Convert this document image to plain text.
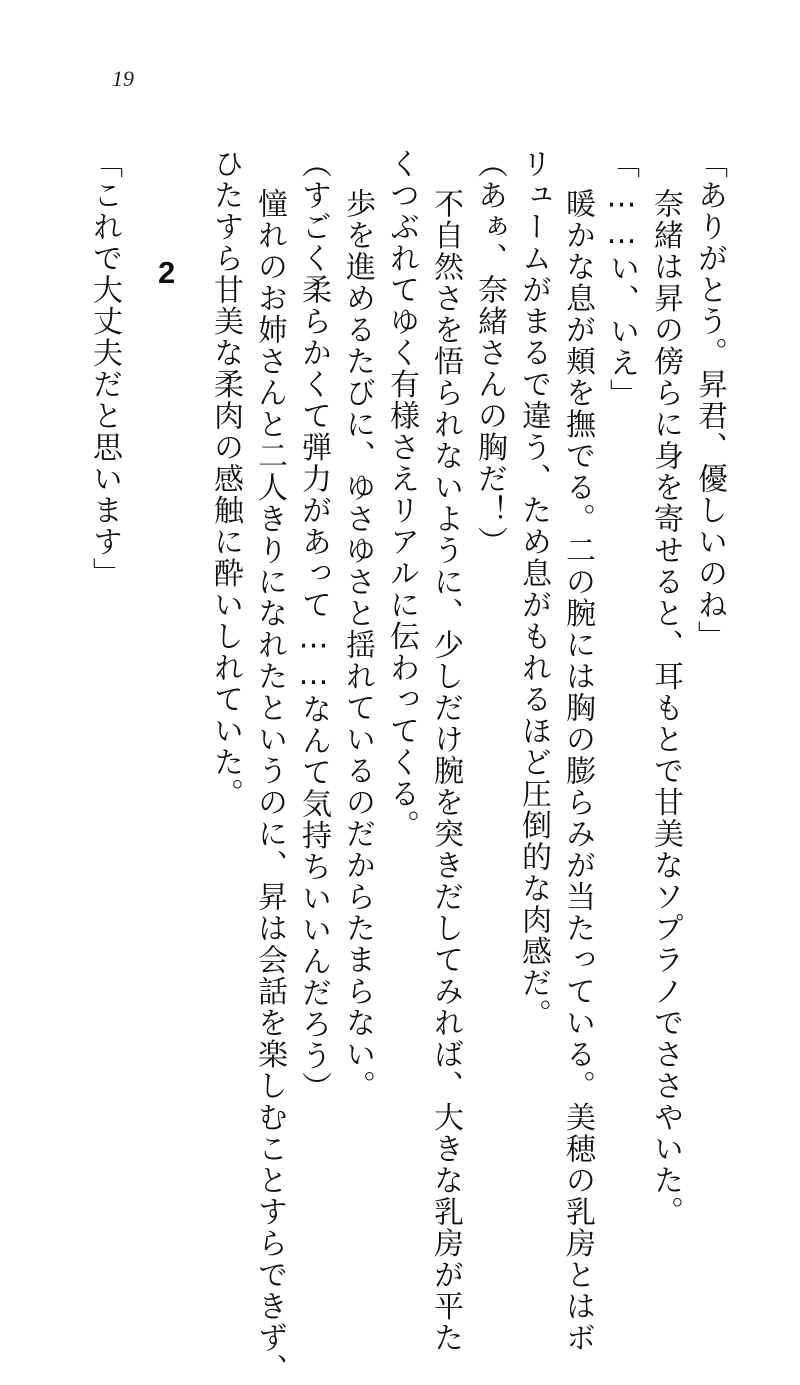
19
「ありがとう。昇君、優しいのね」
奈緒は昇の傍らに身を寄せると、耳もとで甘美なソプラノでささやいた。
「……い、いえ」
暖かな息が頬を撫でる。二の腕には胸の膨らみが当たっている。美穂の乳房とはボ
リュームがまるで違う、ため息がもれるほど圧倒的な肉感だ。
（あぁ、奈緒さんの胸だ！）
不自然さを悟られないように、少しだけ腕を突きだしてみれば、大きな乳房が平た
くつぶれてゆく有様さえリアルに伝わってくる。
歩を進めるたびに、ゆさゆさと揺れているのだからたまらない。
（すごく柔らかくて弾力があって……なんて気持ちいいんだろう）
憧れのお姉さんと二人きりになれたというのに、昇は会話を楽しむことすらできず、
ひたすら甘美な柔肉の感触に酔いしれていた。
2
「これで大丈夫だと思います」
